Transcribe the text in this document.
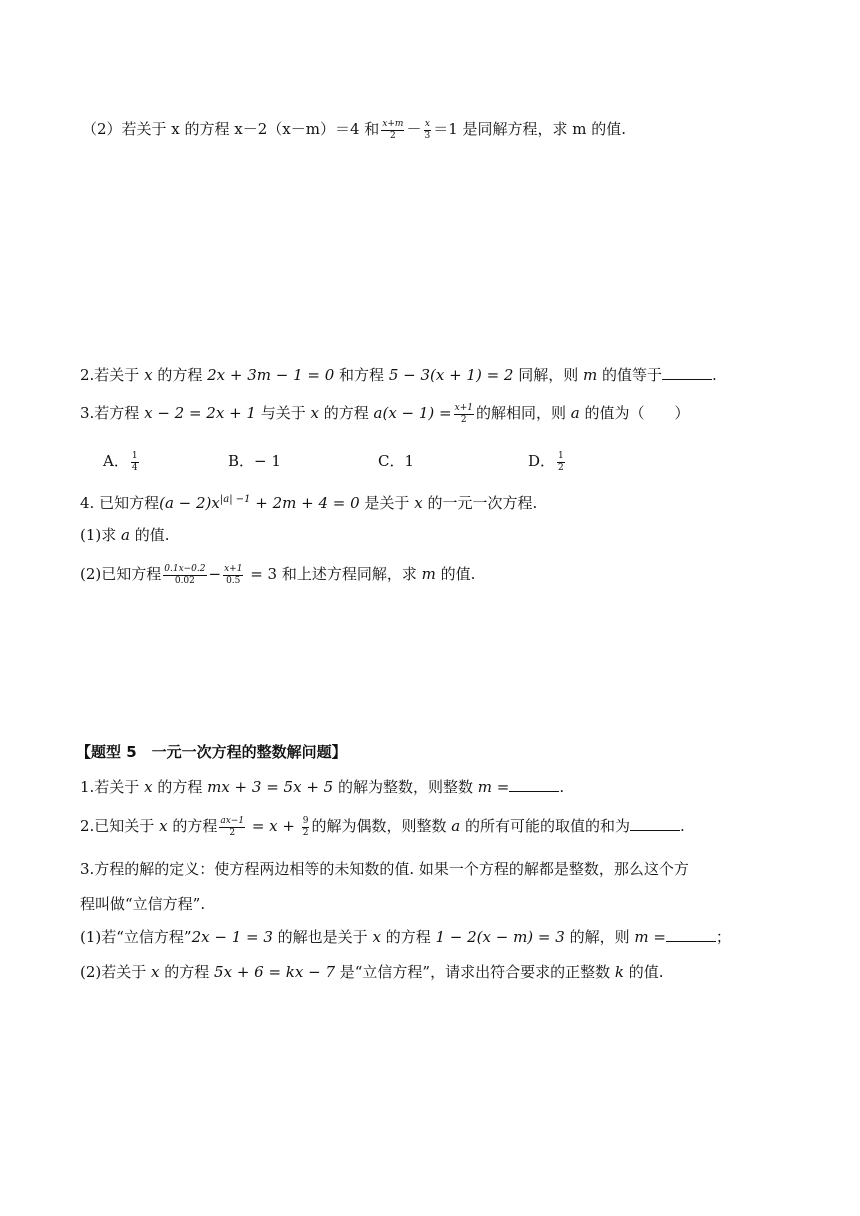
（2）若关于 x 的方程 x－2（x－m）＝4 和 $\frac{x+m}{2} - \frac{x}{3} =1$ 是同解方程，求 m 的值.
2.若关于 x 的方程 2x + 3m − 1 = 0 和方程 5 − 3(x + 1) = 2 同解，则 m 的值等于	.
3.若方程 x − 2 = 2x + 1 与关于 x 的方程 $a(x - 1) = \frac{x+1}{2}$ 的解相同，则 a 的值为（　　）
A． $\frac{1}{4}$	B．− 1	C．1	D． $\frac{1}{2}$
4. 已知方程$(a - 2)x^{|a| -1} + 2m + 4 = 0$ 是关于 x 的一元一次方程.
(1)求 a 的值.
(2)已知方程 $\frac{0.1x-0.2}{0.02} - \frac{x+1}{0.5} = 3$ 和上述方程同解，求 m 的值.
【题型 5　一元一次方程的整数解问题】
1.若关于 x 的方程 mx + 3 = 5x + 5 的解为整数，则整数 m =	.
2.已知关于 x 的方程 $\frac{ax-1}{2} = x + \frac{9}{2}$ 的解为偶数，则整数 a 的所有可能的取值的和为	.
3.方程的解的定义：使方程两边相等的未知数的值. 如果一个方程的解都是整数，那么这个方
程叫做“立信方程”.
(1)若“立信方程”2x − 1 = 3 的解也是关于 x 的方程 1 − 2(x − m) = 3 的解，则 m =	；
(2)若关于 x 的方程 5x + 6 = kx − 7 是“立信方程”，请求出符合要求的正整数 k 的值.
